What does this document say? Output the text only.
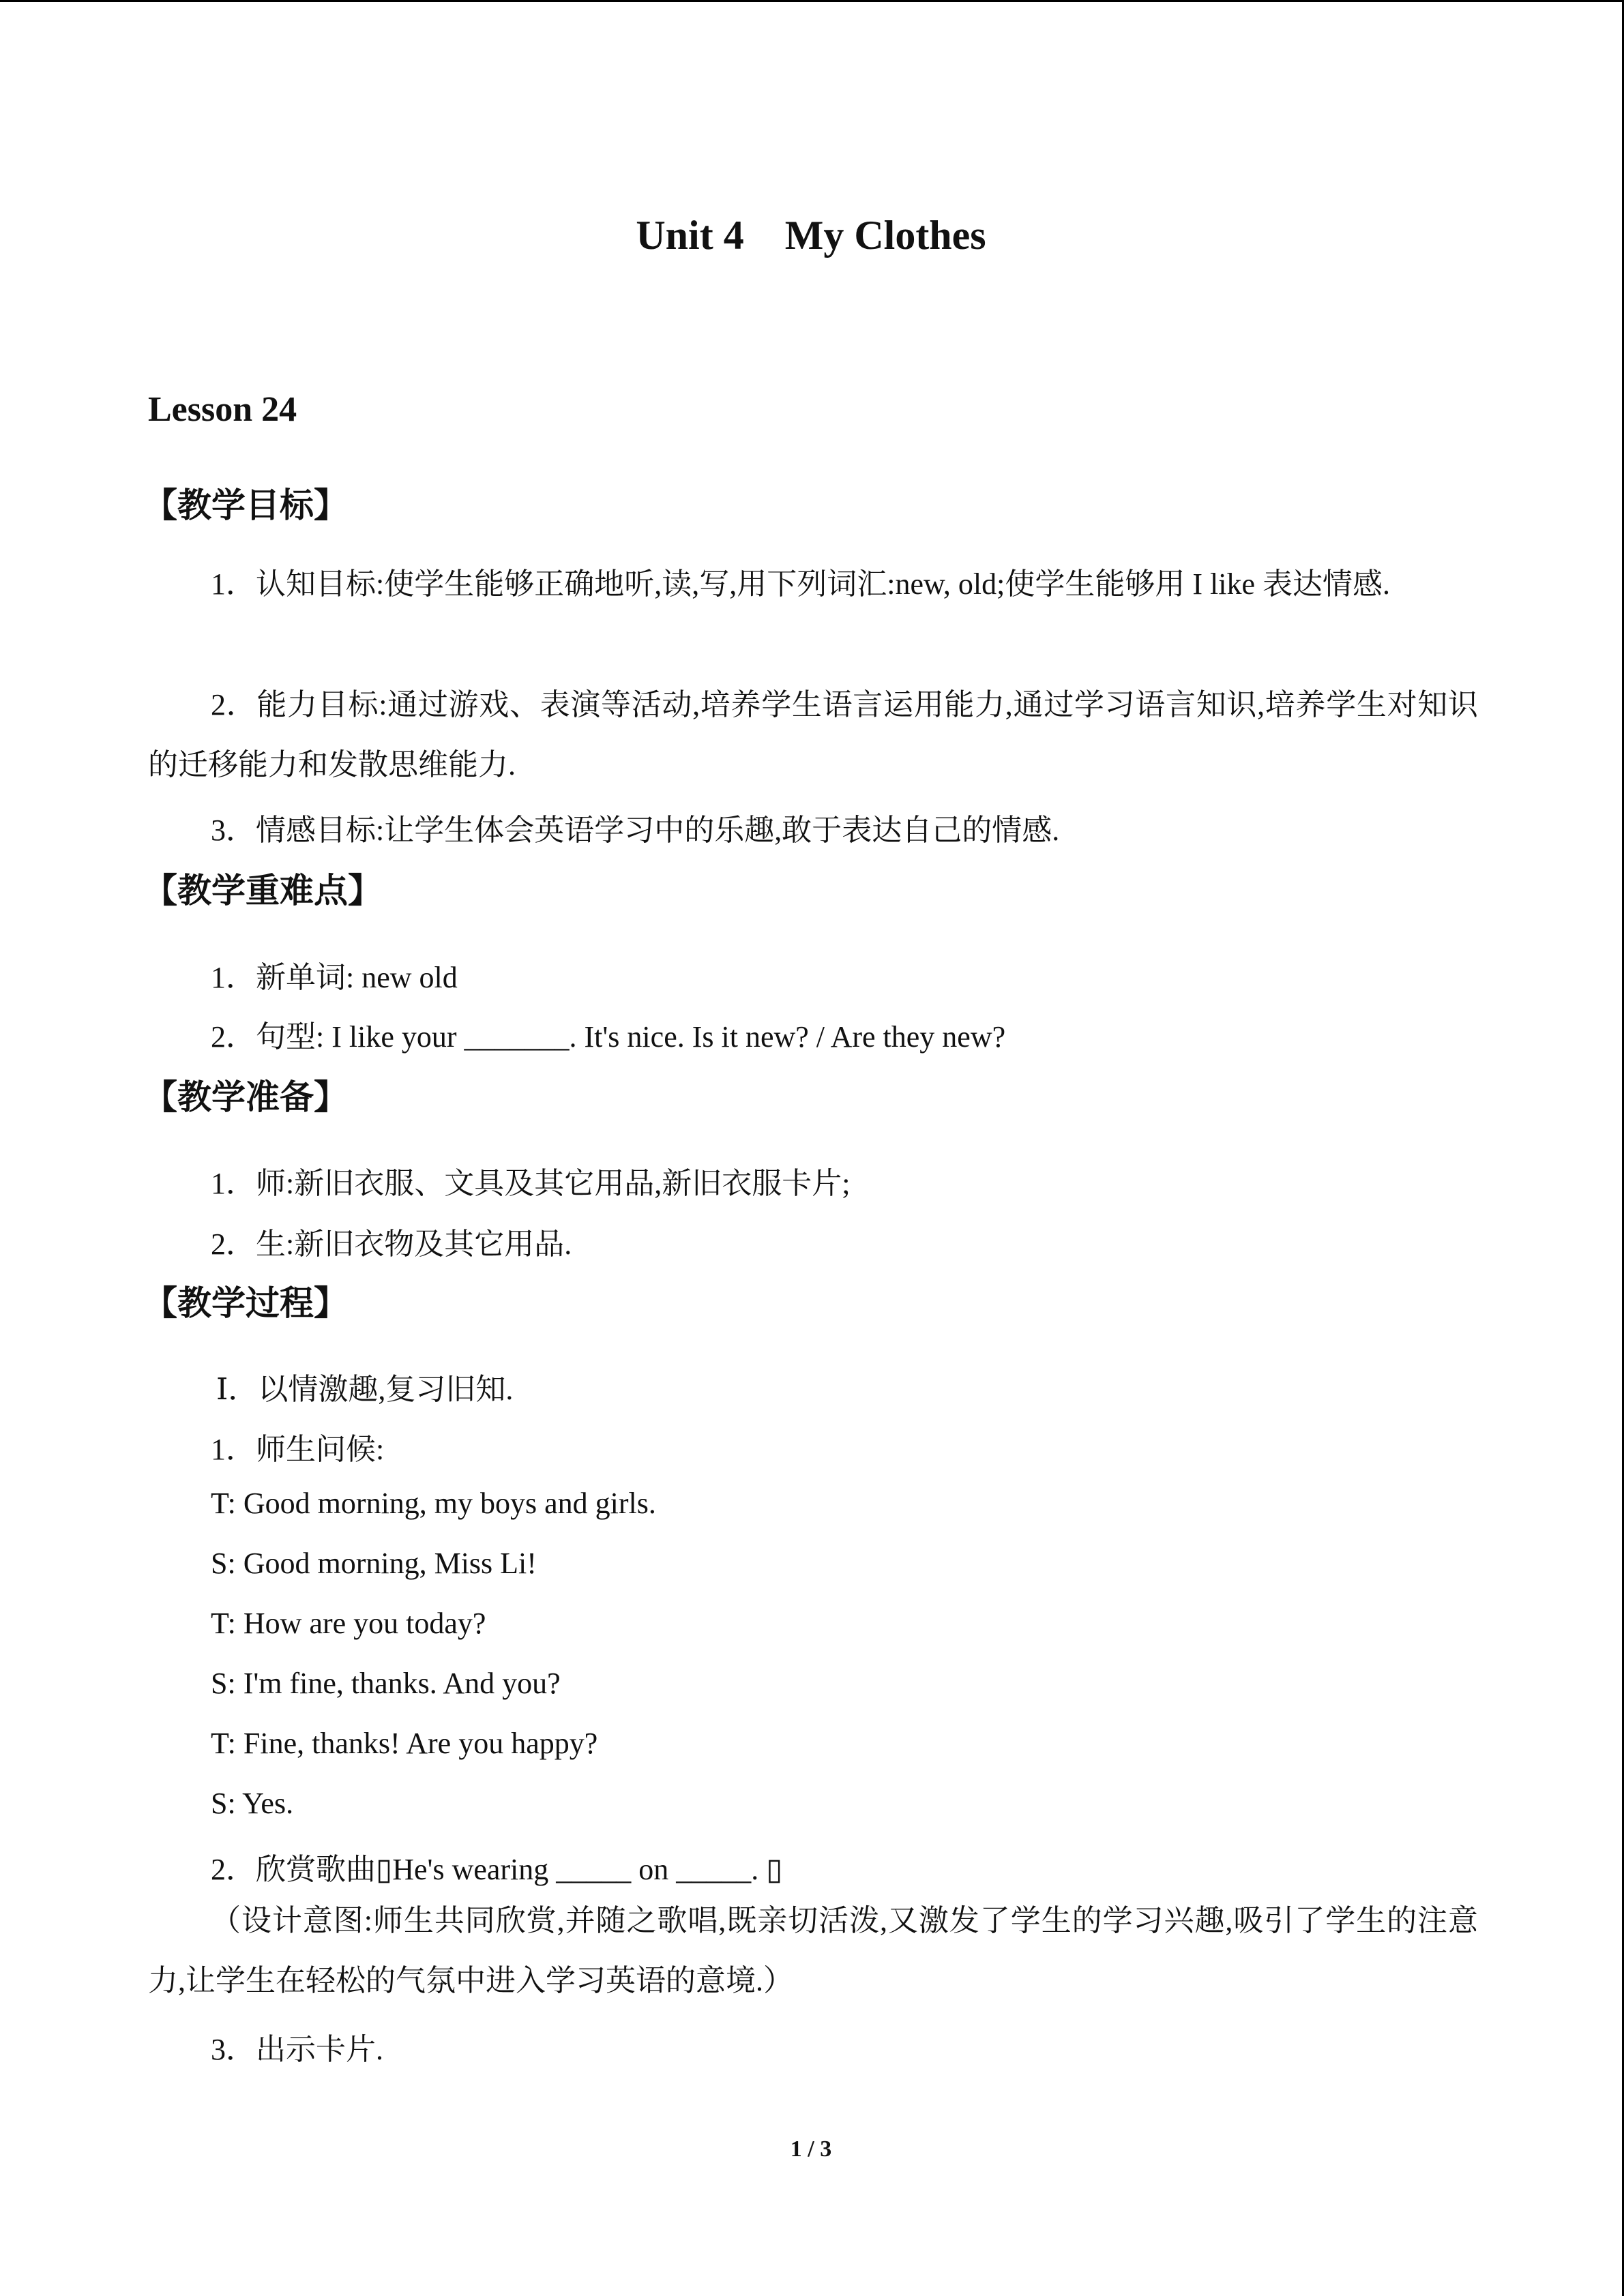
Unit 4    My Clothes
Lesson 24
【教学目标】

1．认知目标:使学生能够正确地听,读,写,用下列词汇:new, old;使学生能够用 I like 表达情感.

2．能力目标:通过游戏、表演等活动,培养学生语言运用能力,通过学习语言知识,培养学生对知识的迁移能力和发散思维能力.

3．情感目标:让学生体会英语学习中的乐趣,敢于表达自己的情感.

【教学重难点】

1．新单词: new old

2．句型: I like your _______. It's nice. Is it new? / Are they new?

【教学准备】

1．师:新旧衣服、文具及其它用品,新旧衣服卡片;

2．生:新旧衣物及其它用品.

【教学过程】

Ⅰ．以情激趣,复习旧知.

1．师生问候:

T: Good morning, my boys and girls.

S: Good morning, Miss Li!

T: How are you today?

S: I'm fine, thanks. And you?

T: Fine, thanks! Are you happy?

S: Yes.

2．欣赏歌曲▯He's wearing _____ on _____. ▯

（设计意图:师生共同欣赏,并随之歌唱,既亲切活泼,又激发了学生的学习兴趣,吸引了学生的注意力,让学生在轻松的气氛中进入学习英语的意境.）

3．出示卡片.

1 / 3
